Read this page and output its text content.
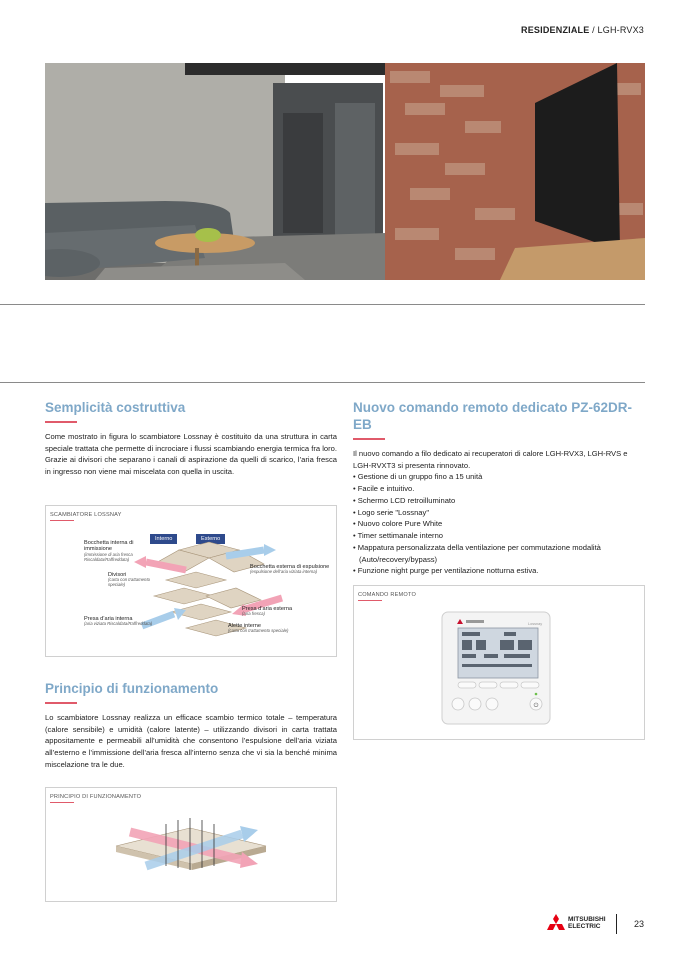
RESIDENZIALE / LGH-RVX3
Semplicità costruttiva

Come mostrato in figura lo scambiatore Lossnay è costituito da una struttura in carta speciale trattata che permette di incrociare i flussi scambiando energia termica fra loro. Grazie ai divisori che separano i canali di aspirazione da quelli di scarico, l’aria fresca in ingresso non viene mai miscelata con quella in uscita.

SCAMBIATORE LOSSNAY
Interno	Esterno
Bocchetta interna di immissione
(immissione di aria fresca Riscaldata/Raffreddata)
Divisori
(carta con trattamento speciale)
Presa d’aria interna
(aria viziata Riscaldata/Raffreddata)
Bocchetta esterna di espulsione
(espulsione dell’aria viziata interna)
Presa d’aria esterna
(aria fresca)
Alette interne
(carta con trattamento speciale)
Principio di funzionamento

Lo scambiatore Lossnay realizza un efficace scambio termico totale – temperatura (calore sensibile) e umidità (calore latente) – utilizzando divisori in carta trattata appositamente e permeabili all’umidità che consentono l’espulsione dell’aria viziata all’esterno e l’immissione dell’aria fresca all’interno senza che vi sia la benché minima miscelazione tra le due.

PRINCIPIO DI FUNZIONAMENTO
Nuovo comando remoto dedicato PZ-62DR-EB

Il nuovo comando a filo dedicato ai recuperatori di calore LGH-RVX3, LGH-RVS e LGH-RVXT3 si presenta rinnovato.

• Gestione di un gruppo fino a 15 unità
• Facile e intuitivo.
• Schermo LCD retroilluminato
• Logo serie "Lossnay"
• Nuovo colore Pure White
• Timer settimanale interno
• Mappatura personalizzata della ventilazione per commutazione modalità (Auto/recovery/bypass)
• Funzione night purge per ventilazione notturna estiva.
COMANDO REMOTO
⏻
Lossnay
MITSUBISHI
ELECTRIC	23
